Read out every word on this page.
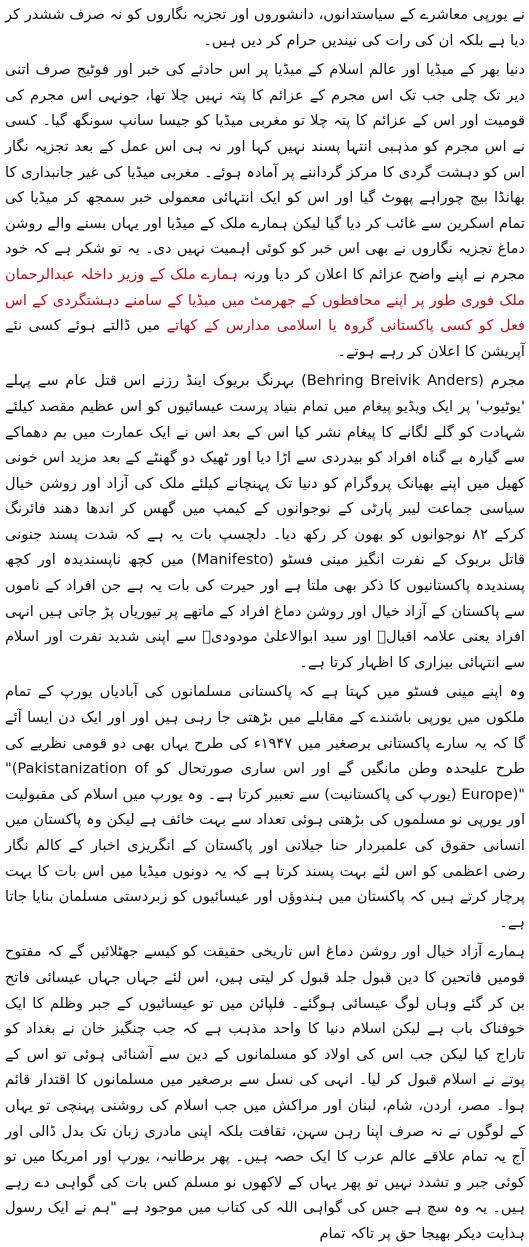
نے یورپی معاشرے کے سیاستدانوں، دانشوروں اور تجزیہ نگاروں کو نہ صرف ششدر کر دیا ہے بلکہ ان کی رات کی نیندیں حرام کر دیں ہیں۔

دنیا بھر کے میڈیا اور عالم اسلام کے میڈیا پر اس حادثے کی خبر اور فوٹیج صرف اتنی دیر تک چلی جب تک اس مجرم کے عزائم کا پتہ نہیں چلا تھا، جونہی اس مجرم کی قومیت اور اس کے عزائم کا پتہ چلا تو مغربی میڈیا کو جیسا سانپ سونگھ گیا۔ کسی نے اس مجرم کو مذہبی انتہا پسند نہیں کہا اور نہ ہی اس عمل کے بعد تجزیہ نگار اس کو دہشت گردی کا مرکز گرداننے پر آمادہ ہوئے۔ مغربی میڈیا کی غیر جانبداری کا بھانڈا بیچ چوراہے پھوٹ گیا اور اس کو ایک انتہائی معمولی خبر سمجھ کر میڈیا کی تمام اسکرین سے غائب کر دیا گیا لیکن ہمارے ملک کے میڈیا اور یہاں بسنے والے روشن دماغ تجزیہ نگاروں نے بھی اس خبر کو کوئی اہمیت نہیں دی۔ یہ تو شکر ہے کہ خود مجرم نے اپنے واضح عزائم کا اعلان کر دیا ورنہ ہمارے ملک کے وزیر داخلہ عبدالرحمان ملک فوری طور پر اپنے محافظوں کے جھرمٹ میں میڈیا کے سامنے دہشتگردی کے اس فعل کو کسی پاکستانی گروہ یا اسلامی مدارس کے کھاتے میں ڈالتے ہوئے کسی نئے آپریشن کا اعلان کر رہے ہوتے۔

مجرم (Behring Breivik Anders) بہرنگ بریوک اینڈ رزنے اس قتل عام سے پہلے 'یوٹیوب' پر ایک ویڈیو پیغام میں تمام بنیاد پرست عیسائیوں کو اس عظیم مقصد کیلئے شہادت کو گلے لگانے کا پیغام نشر کیا اس کے بعد اس نے ایک عمارت میں بم دھماکے سے گیارہ بے گناہ افراد کو بیدردی سے اڑا دیا اور ٹھیک دو گھنٹے کے بعد مزید اس خونی کھیل میں اپنے بھیانک پروگرام کو دنیا تک پہنچانے کیلئے ملک کی آزاد اور روشن خیال سیاسی جماعت لیبر پارٹی کے نوجوانوں کے کیمپ میں گھس کر اندھا دھند فائرنگ کرکے ۸۲ نوجوانوں کو بھون کر رکھ دیا۔ دلچسپ بات یہ ہے کہ شدت پسند جنونی قاتل بریوک کے نفرت انگیز مینی فسٹو (Manifesto) میں کچھ ناپسندیدہ اور کچھ پسندیدہ پاکستانیوں کا ذکر بھی ملتا ہے اور حیرت کی بات یہ ہے جن افراد کے ناموں سے پاکستان کے آزاد خیال اور روشن دماغ افراد کے ماتھے پر تیوریاں پڑ جاتی ہیں انہی افراد یعنی علامہ اقبالؒ اور سید ابوالاعلیٰ مودودیؒ سے اپنی شدید نفرت اور اسلام سے انتہائی بیزاری کا اظہار کرتا ہے۔

وہ اپنے مینی فسٹو میں کہتا ہے کہ پاکستانی مسلمانوں کی آبادیاں یورپ کے تمام ملکوں میں یورپی باشندے کے مقابلے میں بڑھتی جا رہی ہیں اور اور ایک دن ایسا آئے گا کہ یہ سارے پاکستانی برصغیر میں ۱۹۴۷ء کی طرح یہاں بھی دو قومی نظریے کی طرح علیحدہ وطن مانگیں گے اور اس ساری صورتحال کو "(Pakistanization of Europe)" (یورپ کی پاکستانیت) سے تعبیر کرتا ہے۔ وہ یورپ میں اسلام کی مقبولیت اور یورپی نو مسلموں کی بڑھتی ہوئی تعداد سے بہت خائف ہے لیکن وہ پاکستان میں انسانی حقوق کی علمبردار حنا جیلانی اور پاکستان کے انگریزی اخبار کے کالم نگار رضی اعظمی کو اس لئے بہت پسند کرتا ہے کہ یہ دونوں میڈیا میں اس بات کا بہت پرچار کرتے ہیں کہ پاکستان میں ہندوؤں اور عیسائیوں کو زبردستی مسلمان بنایا جاتا ہے۔

ہمارے آزاد خیال اور روشن دماغ اس تاریخی حقیقت کو کیسے جھٹلائیں گے کہ مفتوح قومیں فاتحین کا دین قبول جلد قبول کر لیتی ہیں، اس لئے جہاں جہاں عیسائی فاتح بن کر گئے وہاں لوگ عیسائی ہوگئے۔ فلپائن میں تو عیسائیوں کے جبر وظلم کا ایک خوفناک باب ہے لیکن اسلام دنیا کا واحد مذہب ہے کہ جب چنگیز خان نے بغداد کو تاراج کیا لیکن جب اس کی اولاد کو مسلمانوں کے دین سے آشنائی ہوئی تو اس کے پوتے نے اسلام قبول کر لیا۔ انہی کی نسل سے برصغیر میں مسلمانوں کا اقتدار قائم ہوا۔ مصر، اردن، شام، لبنان اور مراکش میں جب اسلام کی روشنی پہنچی تو یہاں کے لوگوں نے نہ صرف اپنا رہن سہن، ثقافت بلکہ اپنی مادری زبان تک بدل ڈالی اور آج یہ تمام علاقے عالم عرب کا ایک حصہ ہیں۔ پھر برطانیہ، یورپ اور امریکا میں تو کوئی جبر و تشدد نہیں تو پھر یہاں کے لاکھوں نو مسلم کس بات کی گواہی دے رہے ہیں۔ یہ وہ سچ ہے جس کی گواہی اللہ کی کتاب میں موجود ہے "ہم نے ایک رسول ہدایت دیکر بھیجا حق پر تاکہ تمام
